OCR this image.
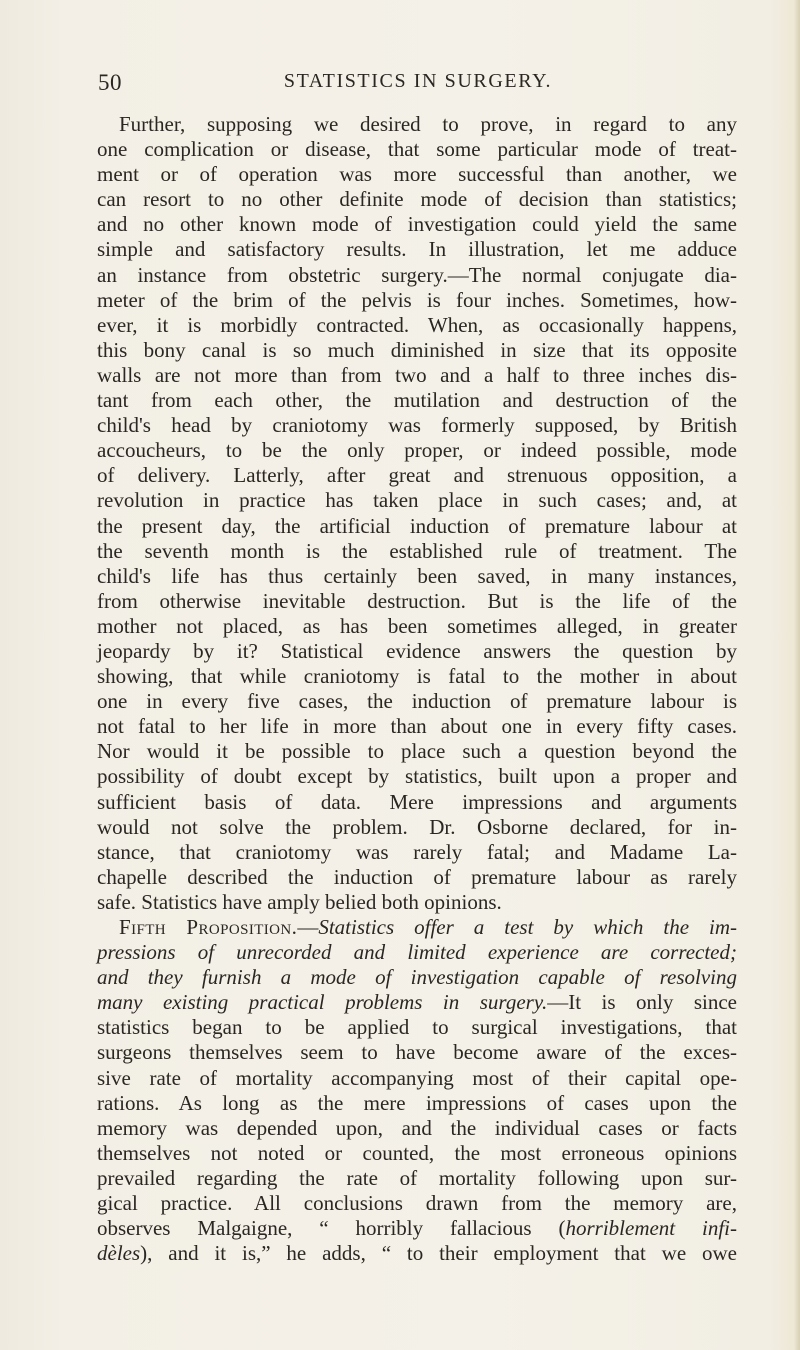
50	STATISTICS IN SURGERY.
Further, supposing we desired to prove, in regard to any
one complication or disease, that some particular mode of treat-
ment or of operation was more successful than another, we
can resort to no other definite mode of decision than statistics;
and no other known mode of investigation could yield the same
simple and satisfactory results. In illustration, let me adduce
an instance from obstetric surgery.—The normal conjugate dia-
meter of the brim of the pelvis is four inches. Sometimes, how-
ever, it is morbidly contracted. When, as occasionally happens,
this bony canal is so much diminished in size that its opposite
walls are not more than from two and a half to three inches dis-
tant from each other, the mutilation and destruction of the
child's head by craniotomy was formerly supposed, by British
accoucheurs, to be the only proper, or indeed possible, mode
of delivery. Latterly, after great and strenuous opposition, a
revolution in practice has taken place in such cases; and, at
the present day, the artificial induction of premature labour at
the seventh month is the established rule of treatment. The
child's life has thus certainly been saved, in many instances,
from otherwise inevitable destruction. But is the life of the
mother not placed, as has been sometimes alleged, in greater
jeopardy by it? Statistical evidence answers the question by
showing, that while craniotomy is fatal to the mother in about
one in every five cases, the induction of premature labour is
not fatal to her life in more than about one in every fifty cases.
Nor would it be possible to place such a question beyond the
possibility of doubt except by statistics, built upon a proper and
sufficient basis of data. Mere impressions and arguments
would not solve the problem. Dr. Osborne declared, for in-
stance, that craniotomy was rarely fatal; and Madame La-
chapelle described the induction of premature labour as rarely
safe. Statistics have amply belied both opinions.
Fifth Proposition.—Statistics offer a test by which the im-
pressions of unrecorded and limited experience are corrected;
and they furnish a mode of investigation capable of resolving
many existing practical problems in surgery.—It is only since
statistics began to be applied to surgical investigations, that
surgeons themselves seem to have become aware of the exces-
sive rate of mortality accompanying most of their capital ope-
rations. As long as the mere impressions of cases upon the
memory was depended upon, and the individual cases or facts
themselves not noted or counted, the most erroneous opinions
prevailed regarding the rate of mortality following upon sur-
gical practice. All conclusions drawn from the memory are,
observes Malgaigne, “ horribly fallacious (horriblement infi-
dèles), and it is,” he adds, “ to their employment that we owe
